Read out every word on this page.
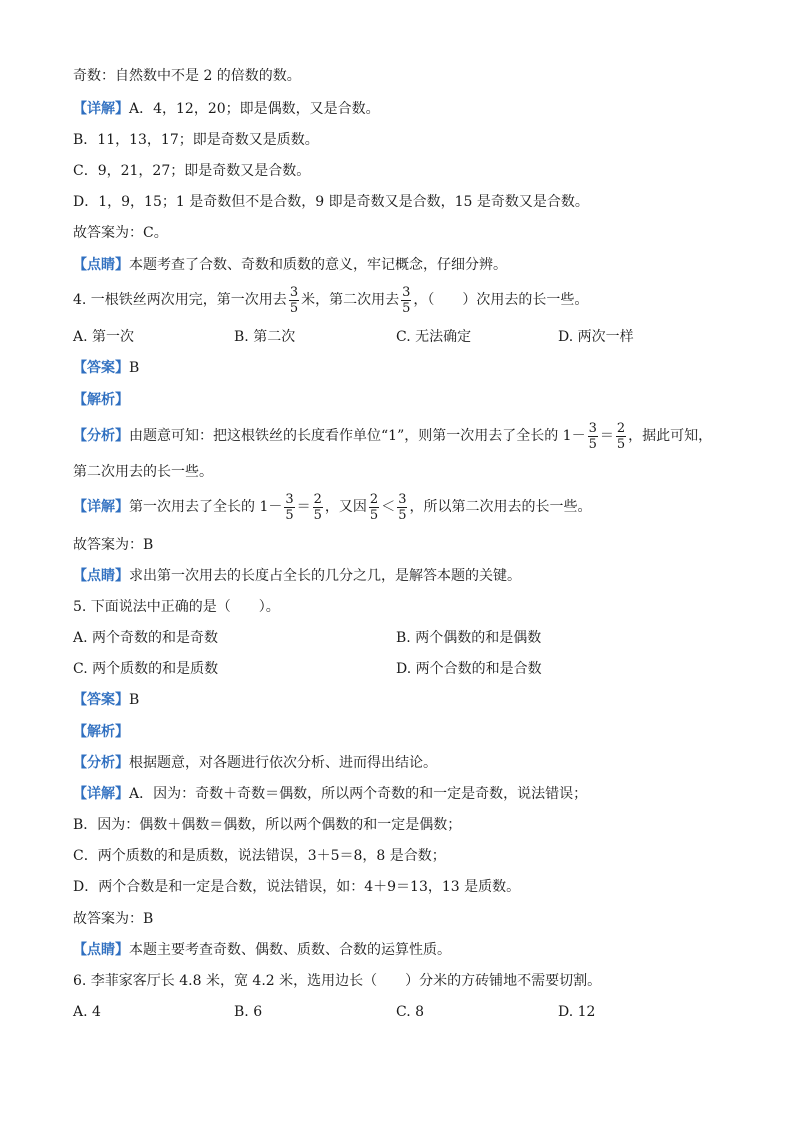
奇数：自然数中不是 2 的倍数的数。
【详解】A．4，12，20；即是偶数，又是合数。
B．11，13，17；即是奇数又是质数。
C．9，21，27；即是奇数又是合数。
D．1，9，15；1 是奇数但不是合数，9 即是奇数又是合数，15 是奇数又是合数。
故答案为：C。
【点睛】本题考查了合数、奇数和质数的意义，牢记概念，仔细分辨。
4. 一根铁丝两次用完，第一次用去 $\frac{3}{5}$ 米，第二次用去 $\frac{3}{5}$ ，（　　）次用去的长一些。
A. 第一次	B. 第二次	C. 无法确定	D. 两次一样
【答案】B
【解析】
【分析】由题意可知：把这根铁丝的长度看作单位“1”，则第一次用去了全长的 $1- \frac{3}{5} = \frac{2}{5}$ ，据此可知，
第二次用去的长一些。
【详解】第一次用去了全长的 $1- \frac{3}{5} = \frac{2}{5}$ ，又因 $\frac{2}{5} < \frac{3}{5}$ ，所以第二次用去的长一些。
故答案为：B
【点睛】求出第一次用去的长度占全长的几分之几，是解答本题的关键。
5. 下面说法中正确的是（　　）。
A. 两个奇数的和是奇数	B. 两个偶数的和是偶数
C. 两个质数的和是质数	D. 两个合数的和是合数
【答案】B
【解析】
【分析】根据题意，对各题进行依次分析、进而得出结论。
【详解】A．因为：奇数＋奇数＝偶数，所以两个奇数的和一定是奇数，说法错误；
B．因为：偶数＋偶数＝偶数，所以两个偶数的和一定是偶数；
C．两个质数的和是质数，说法错误，3＋5＝8，8 是合数；
D．两个合数是和一定是合数，说法错误，如：4＋9＝13，13 是质数。
故答案为：B
【点睛】本题主要考查奇数、偶数、质数、合数的运算性质。
6. 李菲家客厅长 4.8 米，宽 4.2 米，选用边长（　　）分米的方砖铺地不需要切割。
A. 4	B. 6	C. 8	D. 12
